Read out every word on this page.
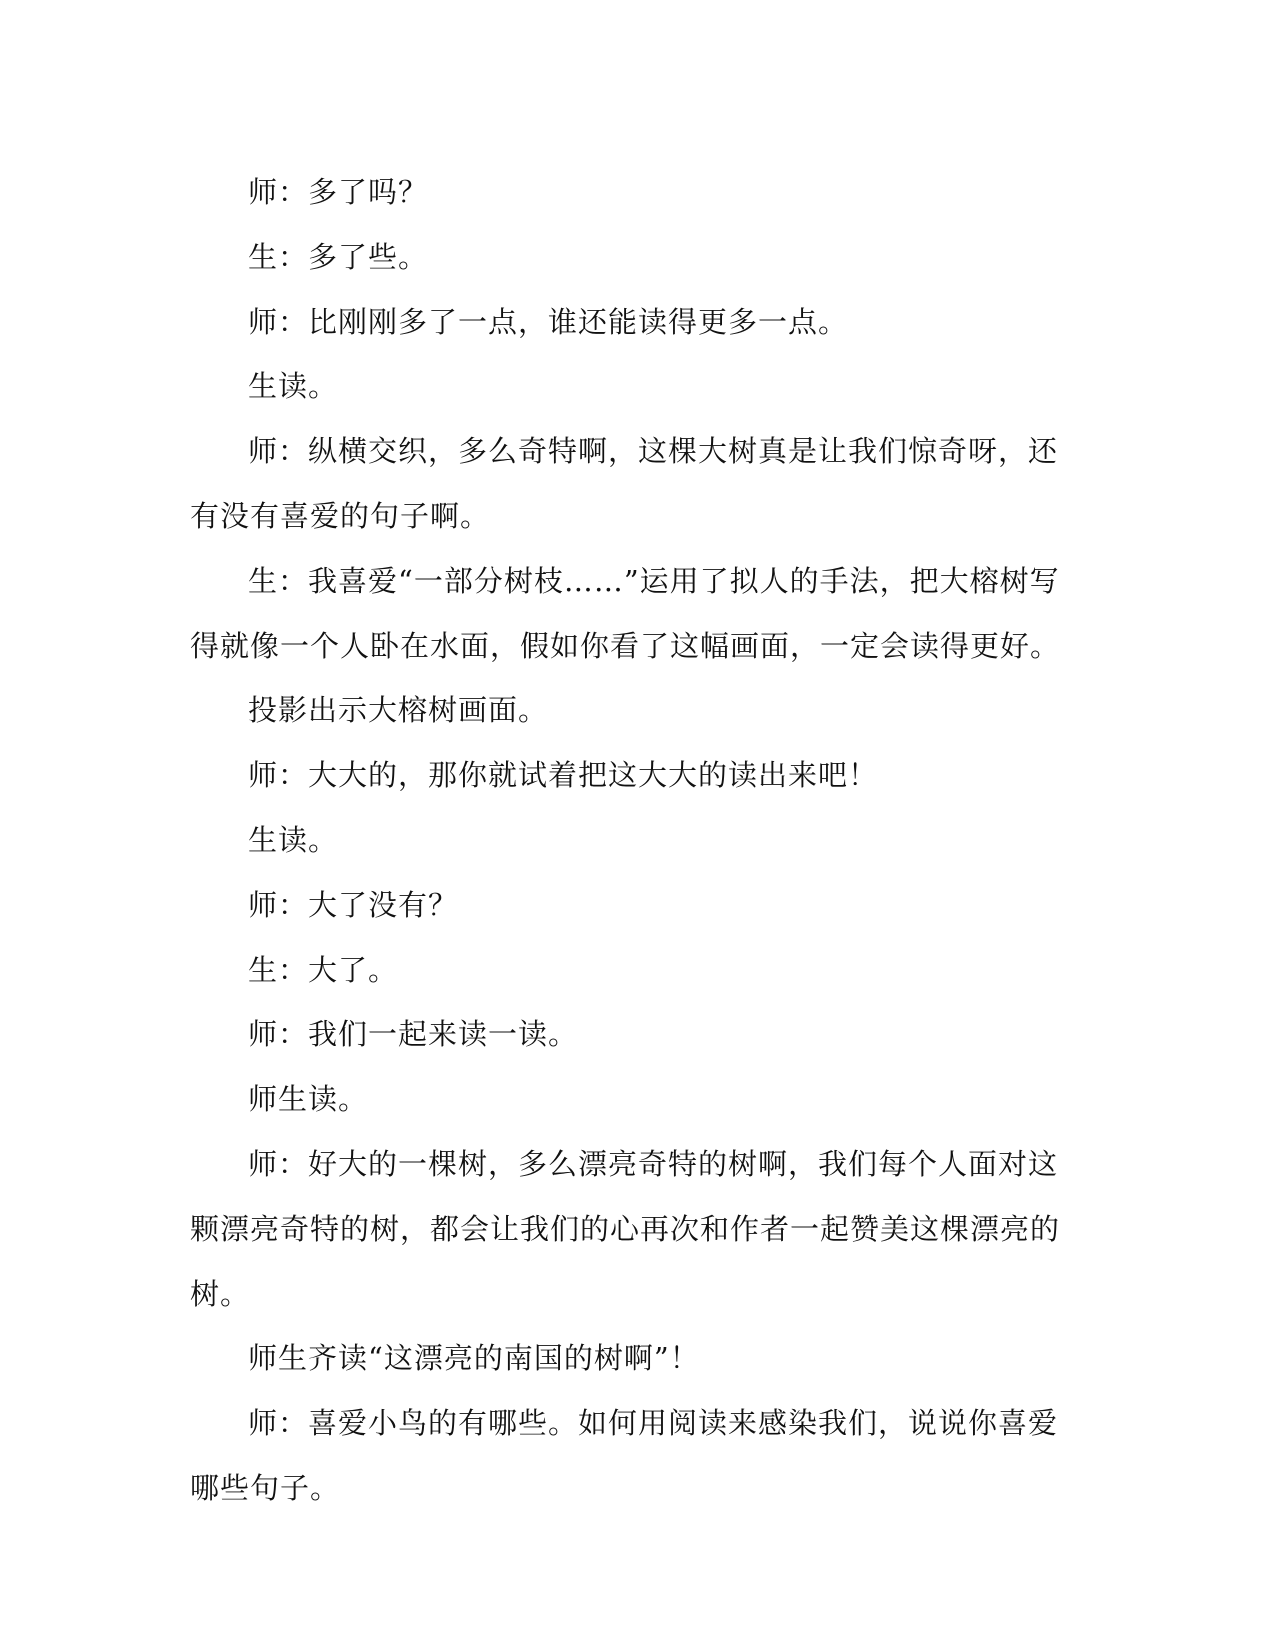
师：多了吗？

生：多了些。

师：比刚刚多了一点，谁还能读得更多一点。

生读。

师：纵横交织，多么奇特啊，这棵大树真是让我们惊奇呀，还有没有喜爱的句子啊。

生：我喜爱“一部分树枝……”运用了拟人的手法，把大榕树写得就像一个人卧在水面，假如你看了这幅画面，一定会读得更好。

投影出示大榕树画面。

师：大大的，那你就试着把这大大的读出来吧！

生读。

师：大了没有？

生：大了。

师：我们一起来读一读。

师生读。

师：好大的一棵树，多么漂亮奇特的树啊，我们每个人面对这颗漂亮奇特的树，都会让我们的心再次和作者一起赞美这棵漂亮的树。

师生齐读“这漂亮的南国的树啊”！

师：喜爱小鸟的有哪些。如何用阅读来感染我们，说说你喜爱哪些句子。
